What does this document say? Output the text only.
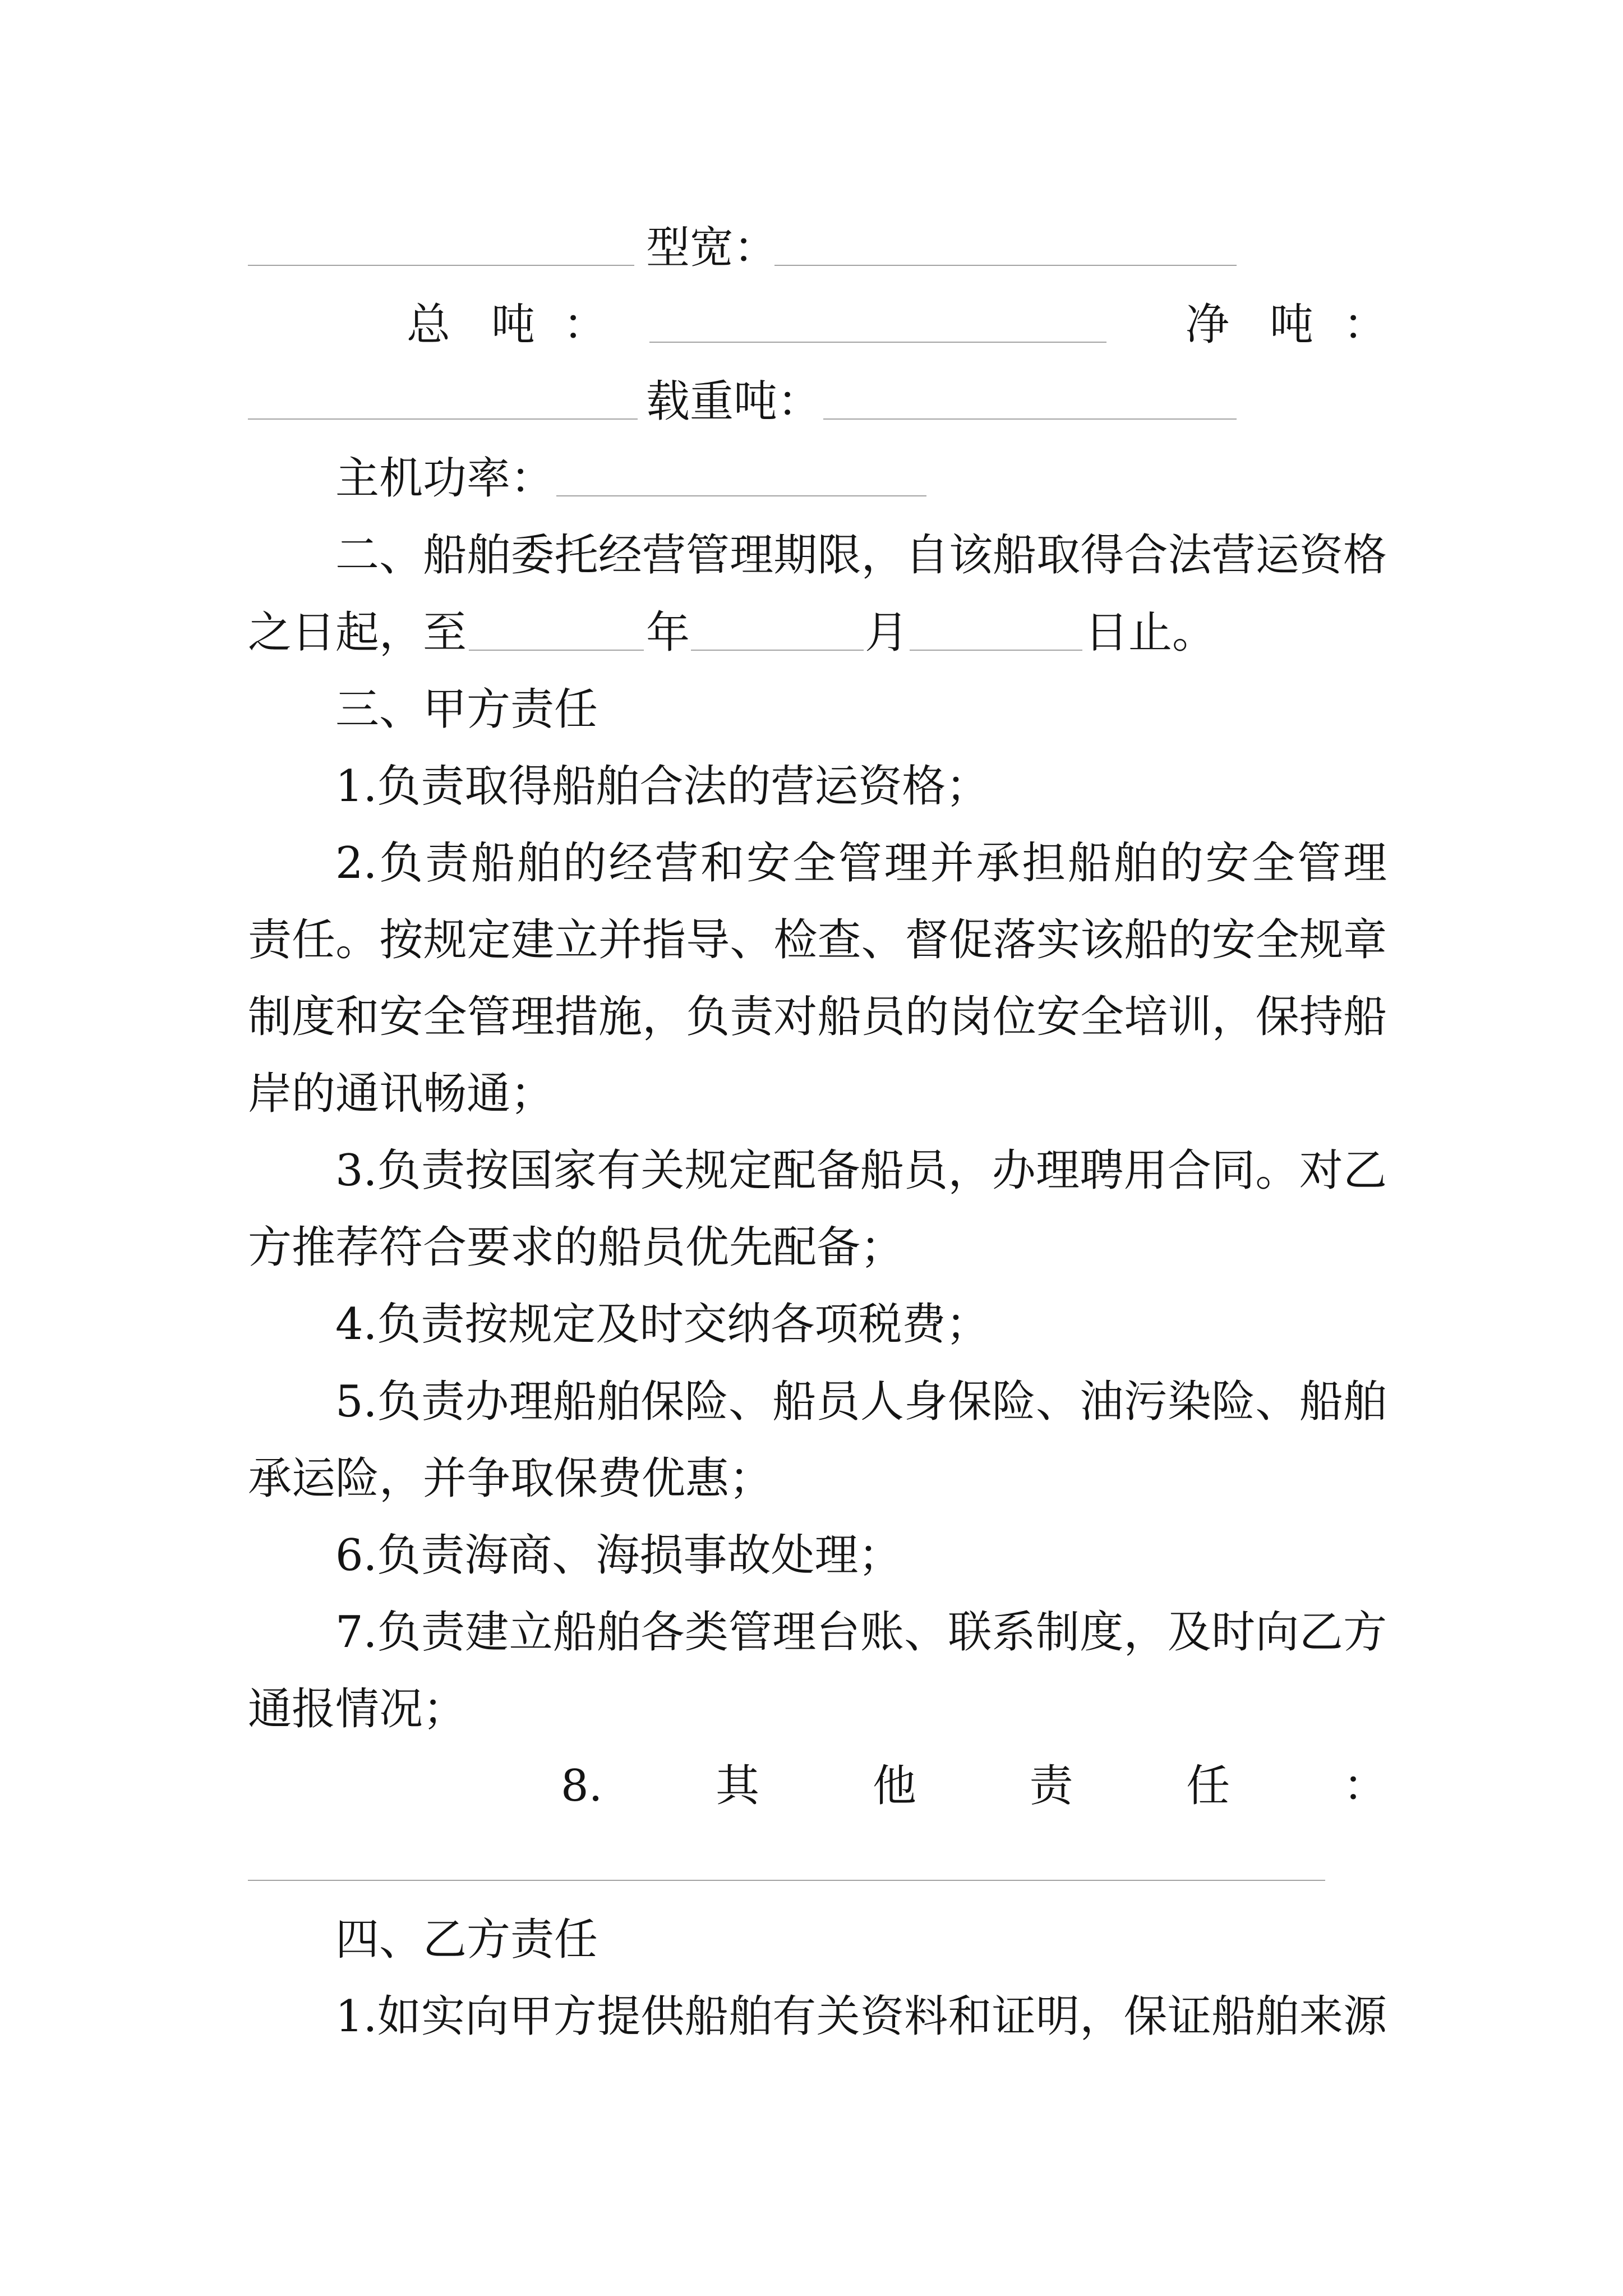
型宽：
总 吨 ：	净 吨 ：
载重吨：
主机功率：
二、船舶委托经营管理期限，自该船取得合法营运资格
之日起，至	年	月	日止。
三、甲方责任
1.负责取得船舶合法的营运资格；
2.负责船舶的经营和安全管理并承担船舶的安全管理
责任。按规定建立并指导、检查、督促落实该船的安全规章
制度和安全管理措施，负责对船员的岗位安全培训，保持船
岸的通讯畅通；
3.负责按国家有关规定配备船员，办理聘用合同。对乙
方推荐符合要求的船员优先配备；
4.负责按规定及时交纳各项税费；
5.负责办理船舶保险、船员人身保险、油污染险、船舶
承运险，并争取保费优惠；
6.负责海商、海损事故处理；
7.负责建立船舶各类管理台账、联系制度，及时向乙方
通报情况；
8.	其	他	责	任	：
四、乙方责任
1.如实向甲方提供船舶有关资料和证明，保证船舶来源
